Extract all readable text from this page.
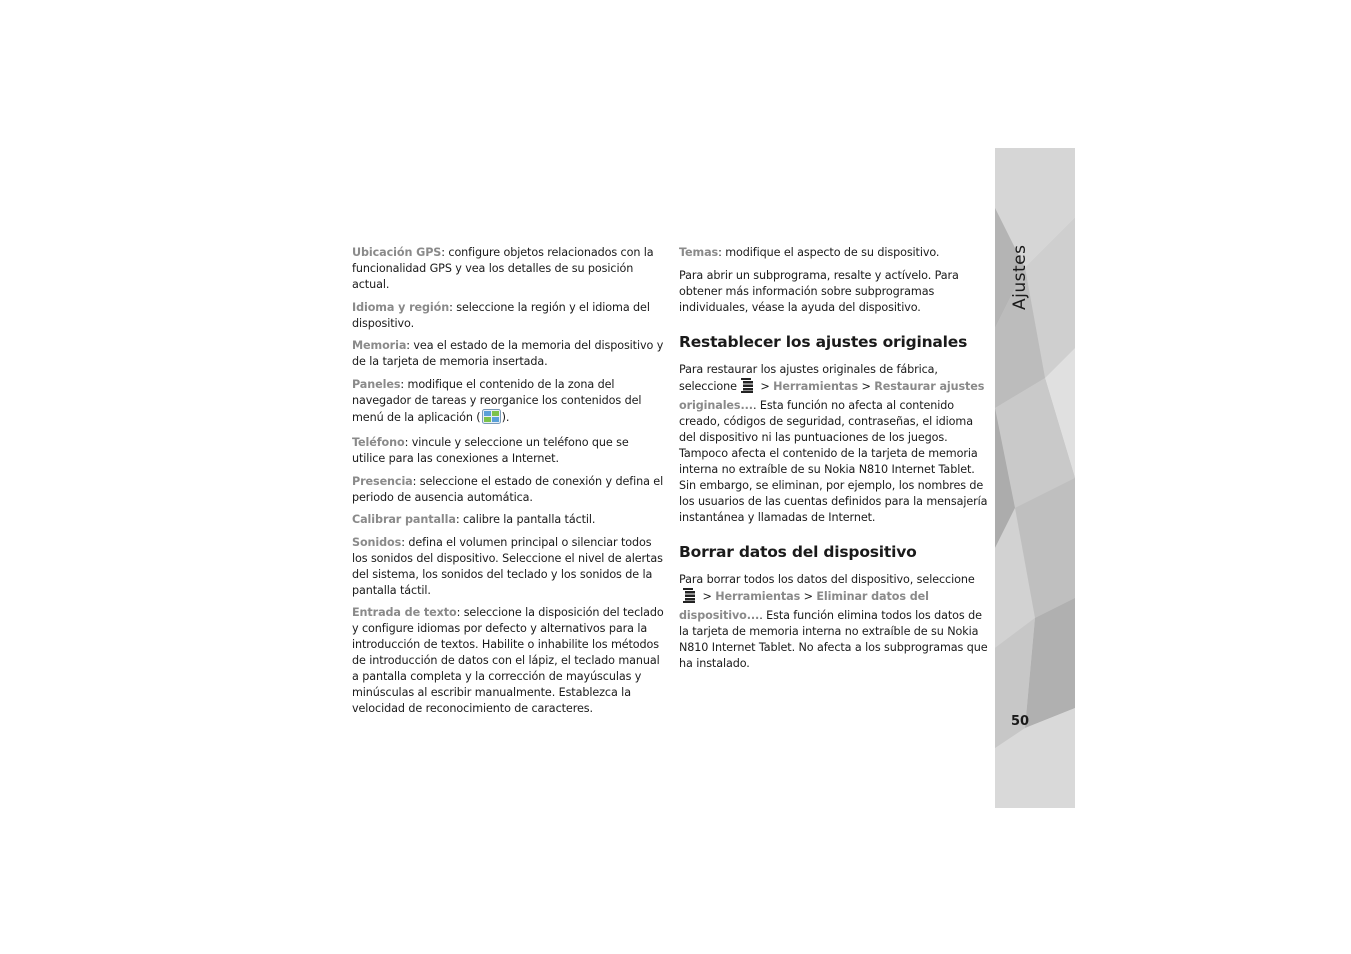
Ubicación GPS: configure objetos relacionados con la funcionalidad GPS y vea los detalles de su posición actual.

Idioma y región: seleccione la región y el idioma del dispositivo.

Memoria: vea el estado de la memoria del dispositivo y de la tarjeta de memoria insertada.

Paneles: modifique el contenido de la zona del navegador de tareas y reorganice los contenidos del menú de la aplicación ( ).

Teléfono: vincule y seleccione un teléfono que se utilice para las conexiones a Internet.

Presencia: seleccione el estado de conexión y defina el periodo de ausencia automática.

Calibrar pantalla: calibre la pantalla táctil.

Sonidos: defina el volumen principal o silenciar todos los sonidos del dispositivo. Seleccione el nivel de alertas del sistema, los sonidos del teclado y los sonidos de la pantalla táctil.

Entrada de texto: seleccione la disposición del teclado y configure idiomas por defecto y alternativos para la introducción de textos. Habilite o inhabilite los métodos de introducción de datos con el lápiz, el teclado manual a pantalla completa y la corrección de mayúsculas y minúsculas al escribir manualmente. Establezca la velocidad de reconocimiento de caracteres.

Temas: modifique el aspecto de su dispositivo.

Para abrir un subprograma, resalte y actívelo. Para obtener más información sobre subprogramas individuales, véase la ayuda del dispositivo.

Restablecer los ajustes originales

Para restaurar los ajustes originales de fábrica, seleccione > Herramientas > Restaurar ajustes originales.... Esta función no afecta al contenido creado, códigos de seguridad, contraseñas, el idioma del dispositivo ni las puntuaciones de los juegos. Tampoco afecta el contenido de la tarjeta de memoria interna no extraíble de su Nokia N810 Internet Tablet. Sin embargo, se eliminan, por ejemplo, los nombres de los usuarios de las cuentas definidos para la mensajería instantánea y llamadas de Internet.

Borrar datos del dispositivo

Para borrar todos los datos del dispositivo, seleccione > Herramientas > Eliminar datos del dispositivo.... Esta función elimina todos los datos de la tarjeta de memoria interna no extraíble de su Nokia N810 Internet Tablet. No afecta a los subprogramas que ha instalado.

Ajustes
50
